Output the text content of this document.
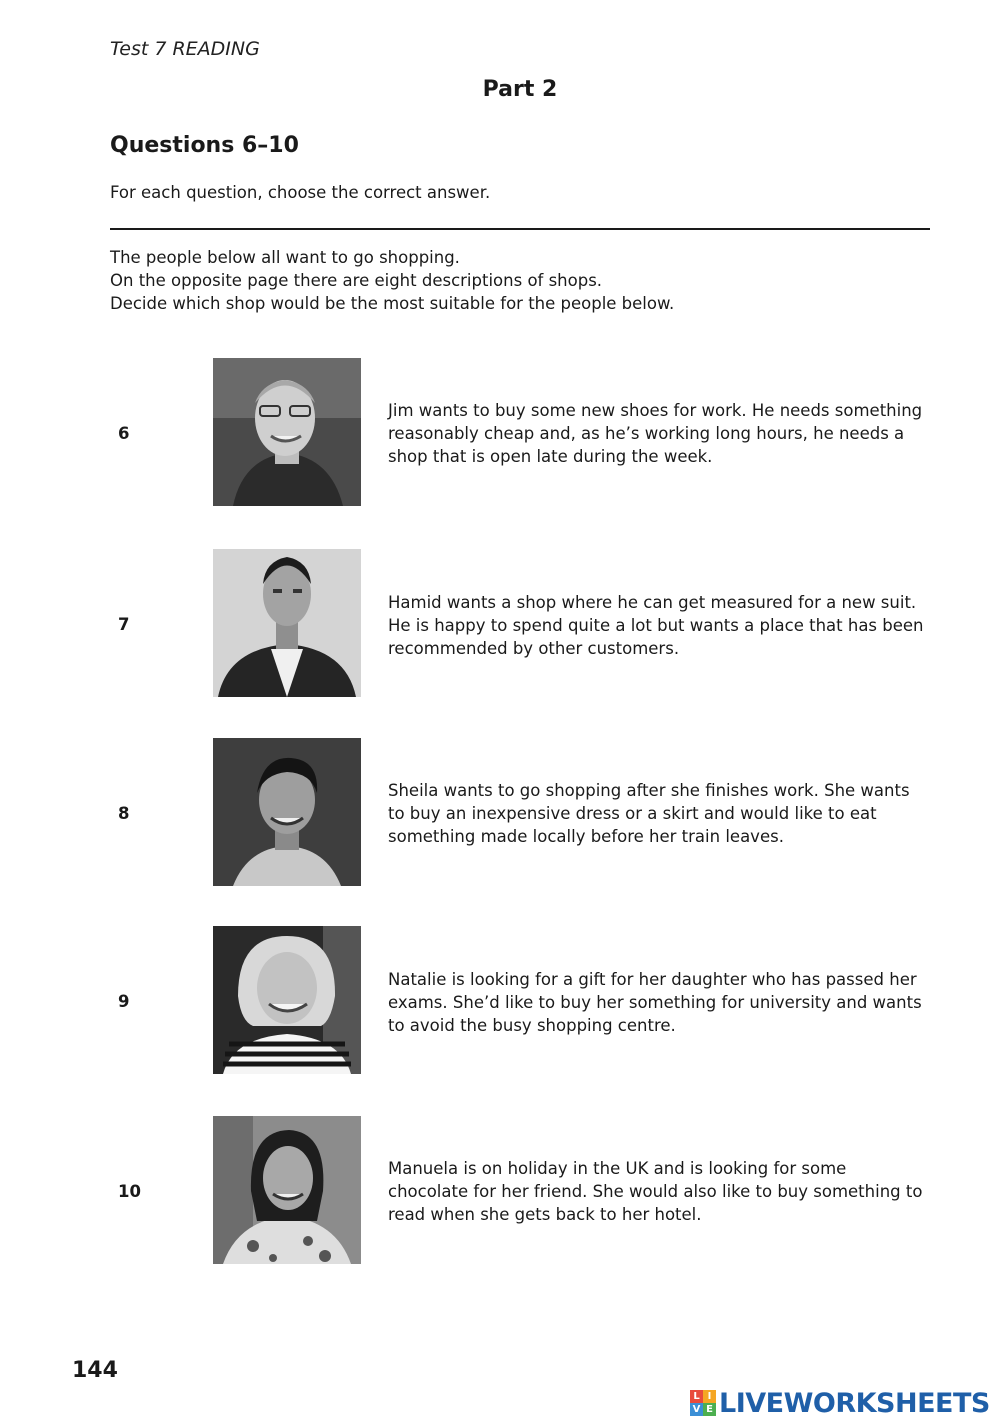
Test 7 READING
Part 2
Questions 6–10
For each question, choose the correct answer.
The people below all want to go shopping.
On the opposite page there are eight descriptions of shops.
Decide which shop would be the most suitable for the people below.
6
Jim wants to buy some new shoes for work. He needs something
reasonably cheap and, as he’s working long hours, he needs a
shop that is open late during the week.
7
Hamid wants a shop where he can get measured for a new suit.
He is happy to spend quite a lot but wants a place that has been
recommended by other customers.
8
Sheila wants to go shopping after she finishes work. She wants
to buy an inexpensive dress or a skirt and would like to eat
something made locally before her train leaves.
9
Natalie is looking for a gift for her daughter who has passed her
exams. She’d like to buy her something for university and wants
to avoid the busy shopping centre.
10
Manuela is on holiday in the UK and is looking for some
chocolate for her friend. She would also like to buy something to
read when she gets back to her hotel.
144
L I
V E LIVEWORKSHEETS
